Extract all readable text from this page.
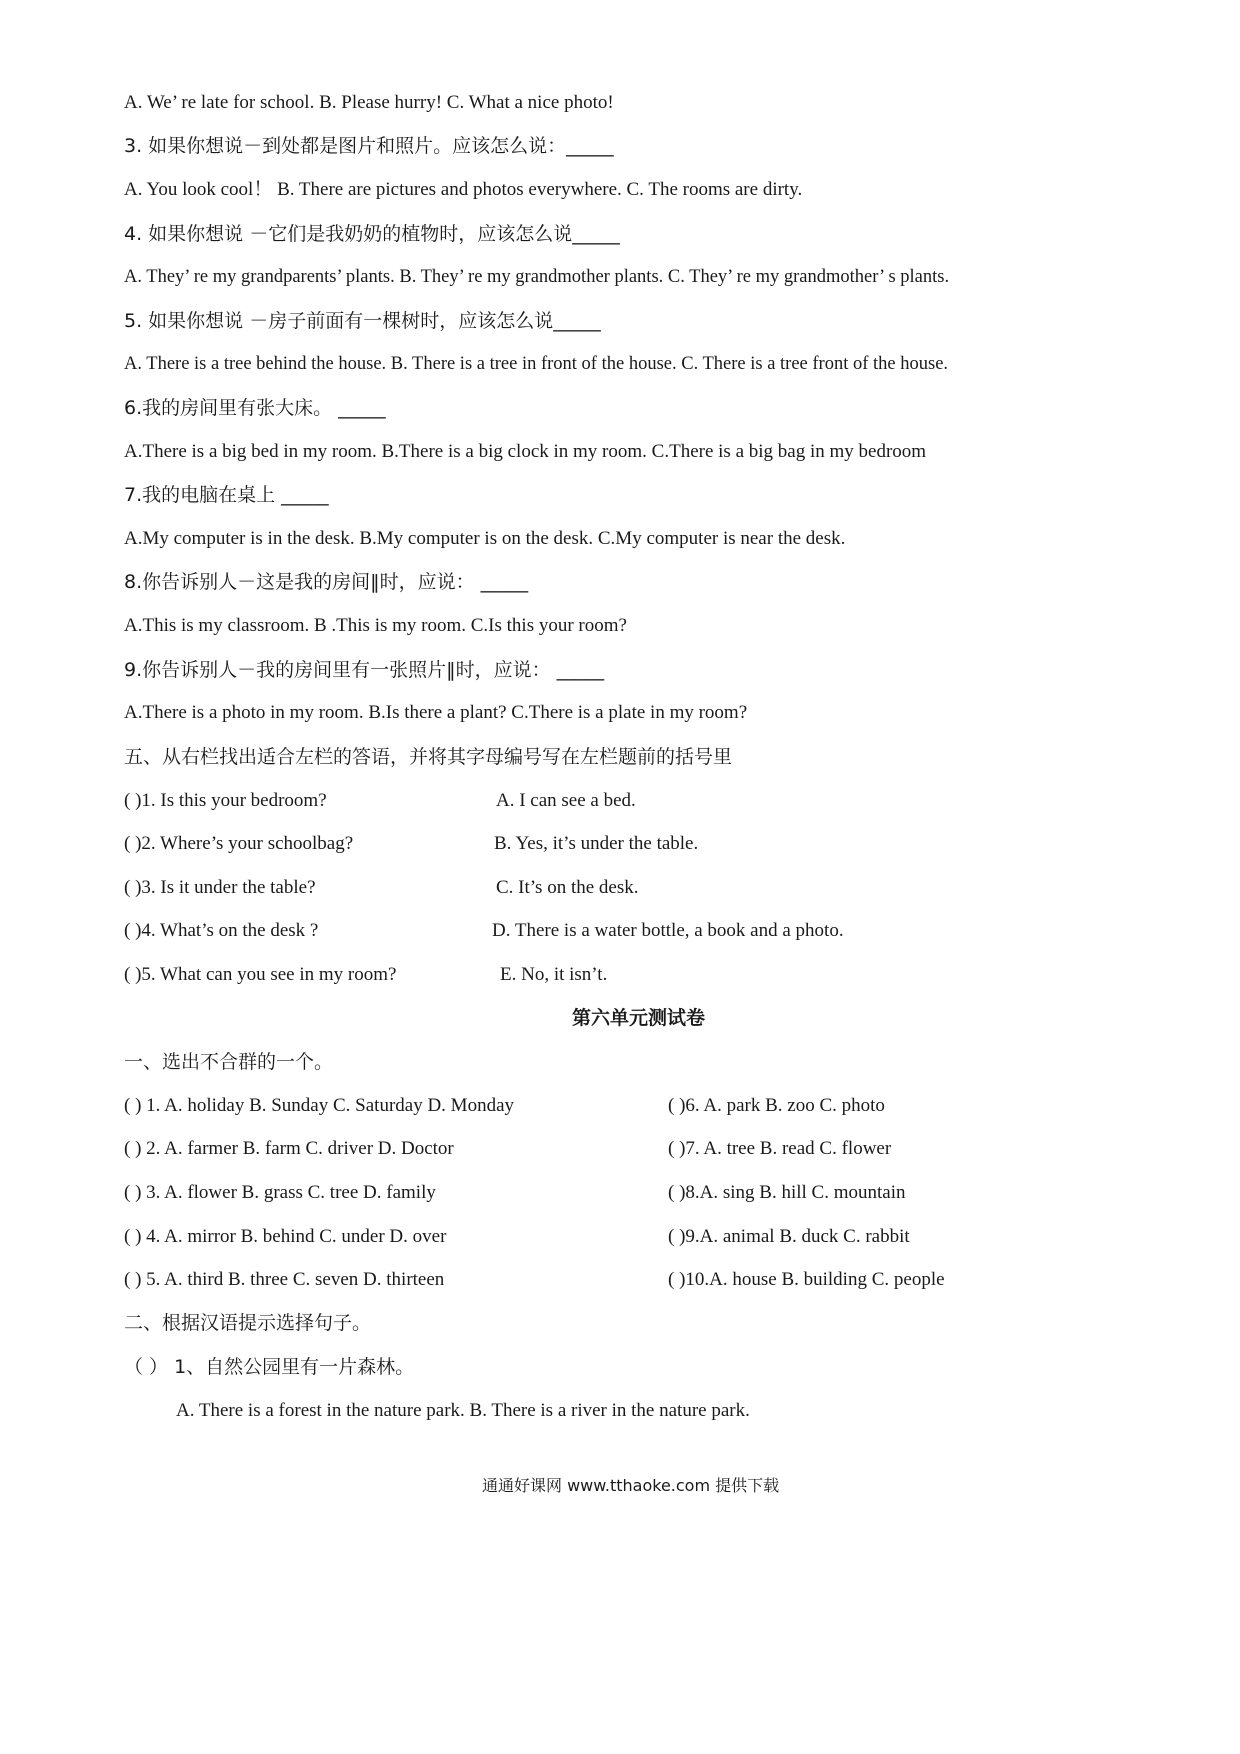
A. We’ re late for school. B. Please hurry! C. What a nice photo!
3. 如果你想说－到处都是图片和照片。应该怎么说：_____
A. You look cool！ B. There are pictures and photos everywhere. C. The rooms are dirty.
4. 如果你想说 －它们是我奶奶的植物时，应该怎么说_____
A. They’ re my grandparents’ plants. B. They’ re my grandmother plants. C. They’ re my grandmother’ s plants.
5. 如果你想说 －房子前面有一棵树时，应该怎么说_____
A. There is a tree behind the house. B. There is a tree in front of the house. C. There is a tree front of the house.
6.我的房间里有张大床。 _____
A.There is a big bed in my room. B.There is a big clock in my room. C.There is a big bag in my bedroom
7.我的电脑在桌上 _____
A.My computer is in the desk. B.My computer is on the desk. C.My computer is near the desk.
8.你告诉别人－这是我的房间‖时，应说： _____
A.This is my classroom. B .This is my room. C.Is this your room?
9.你告诉别人－我的房间里有一张照片‖时，应说： _____
A.There is a photo in my room. B.Is there a plant? C.There is a plate in my room?
五、从右栏找出适合左栏的答语，并将其字母编号写在左栏题前的括号里
( )1. Is this your bedroom?	A. I can see a bed.
( )2. Where’s your schoolbag?	B. Yes, it’s under the table.
( )3. Is it under the table?	C. It’s on the desk.
( )4. What’s on the desk ?	D. There is a water bottle, a book and a photo.
( )5. What can you see in my room?	E. No, it isn’t.
第六单元测试卷
一、选出不合群的一个。
( ) 1. A. holiday B. Sunday C. Saturday D. Monday	( )6. A. park B. zoo C. photo
( ) 2. A. farmer B. farm C. driver D. Doctor	( )7. A. tree B. read C. flower
( ) 3. A. flower B. grass C. tree D. family	( )8.A. sing B. hill C. mountain
( ) 4. A. mirror B. behind C. under D. over	( )9.A. animal B. duck C. rabbit
( ) 5. A. third B. three C. seven D. thirteen	( )10.A. house B. building C. people
二、根据汉语提示选择句子。
（ ） 1、自然公园里有一片森林。
A. There is a forest in the nature park. B. There is a river in the nature park.
通通好课网 www.tthaoke.com 提供下载
